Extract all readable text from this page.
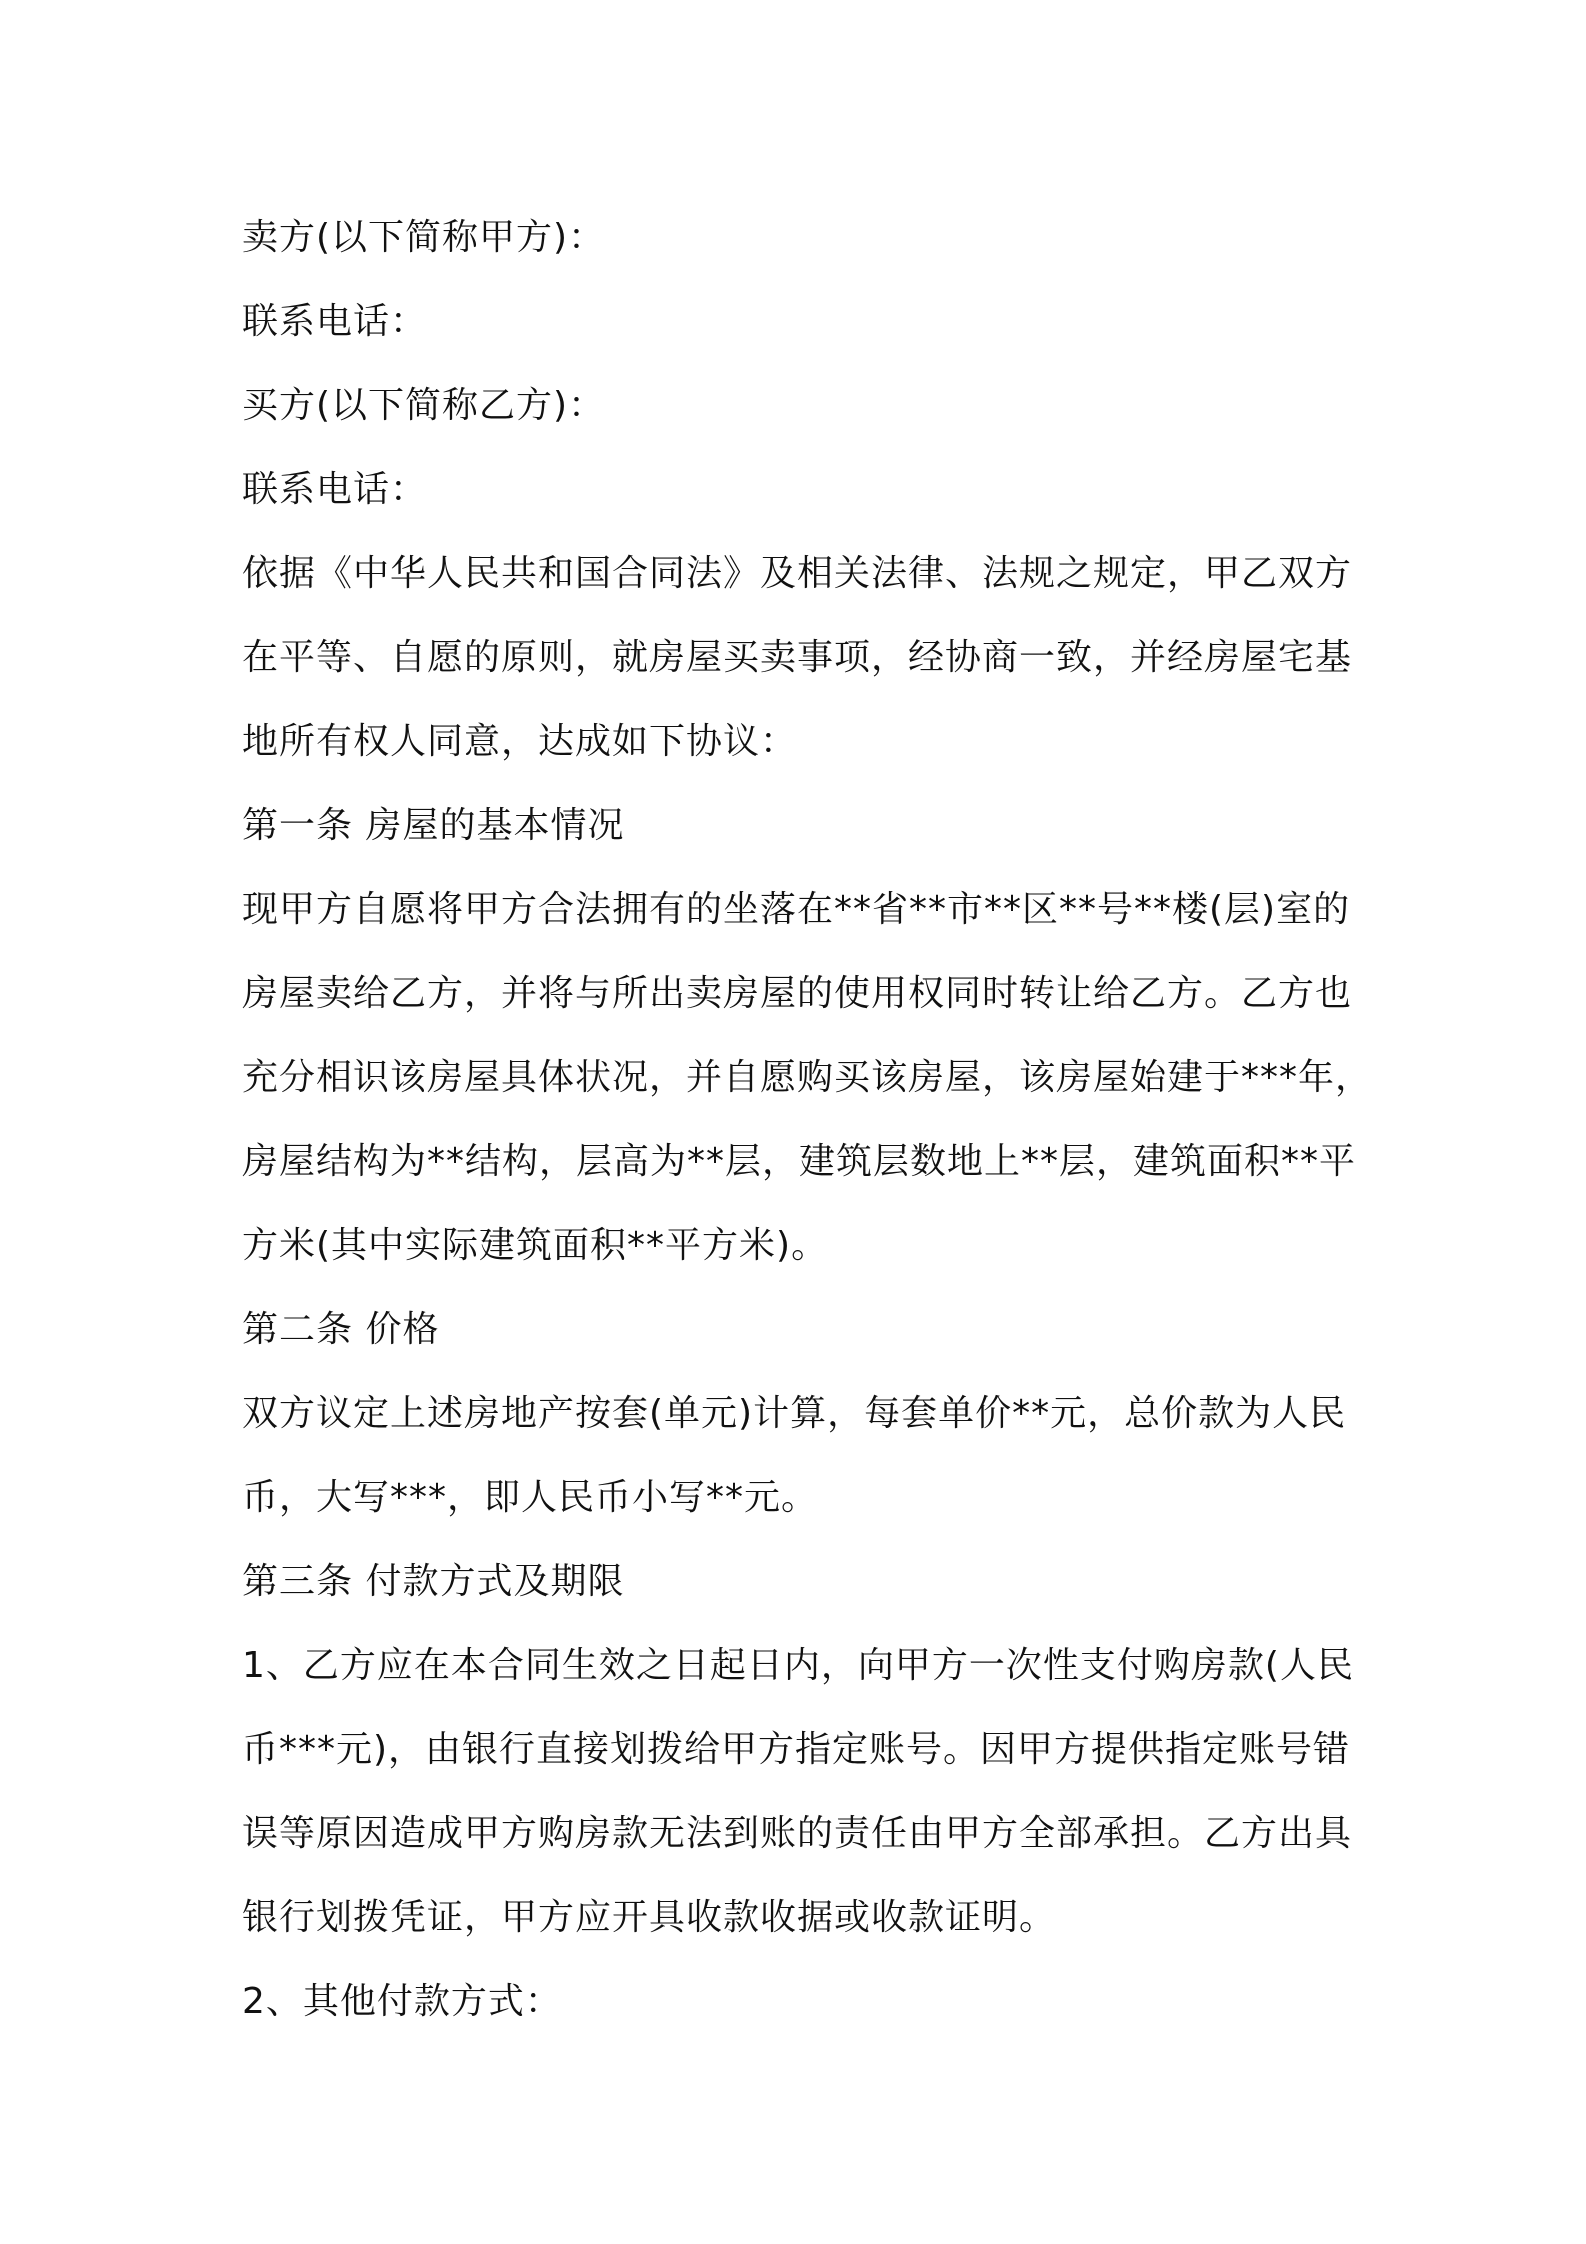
卖方(以下简称甲方)：
联系电话：
买方(以下简称乙方)：
联系电话：
依据《中华人民共和国合同法》及相关法律、法规之规定，甲乙双方
在平等、自愿的原则，就房屋买卖事项，经协商一致，并经房屋宅基
地所有权人同意，达成如下协议：
第一条 房屋的基本情况
现甲方自愿将甲方合法拥有的坐落在**省**市**区**号**楼(层)室的
房屋卖给乙方，并将与所出卖房屋的使用权同时转让给乙方。乙方也
充分相识该房屋具体状况，并自愿购买该房屋，该房屋始建于***年，
房屋结构为**结构，层高为**层，建筑层数地上**层，建筑面积**平
方米(其中实际建筑面积**平方米)。
第二条 价格
双方议定上述房地产按套(单元)计算，每套单价**元，总价款为人民
币，大写***，即人民币小写**元。
第三条 付款方式及期限
1、乙方应在本合同生效之日起日内，向甲方一次性支付购房款(人民
币***元)，由银行直接划拨给甲方指定账号。因甲方提供指定账号错
误等原因造成甲方购房款无法到账的责任由甲方全部承担。乙方出具
银行划拨凭证，甲方应开具收款收据或收款证明。
2、其他付款方式：
